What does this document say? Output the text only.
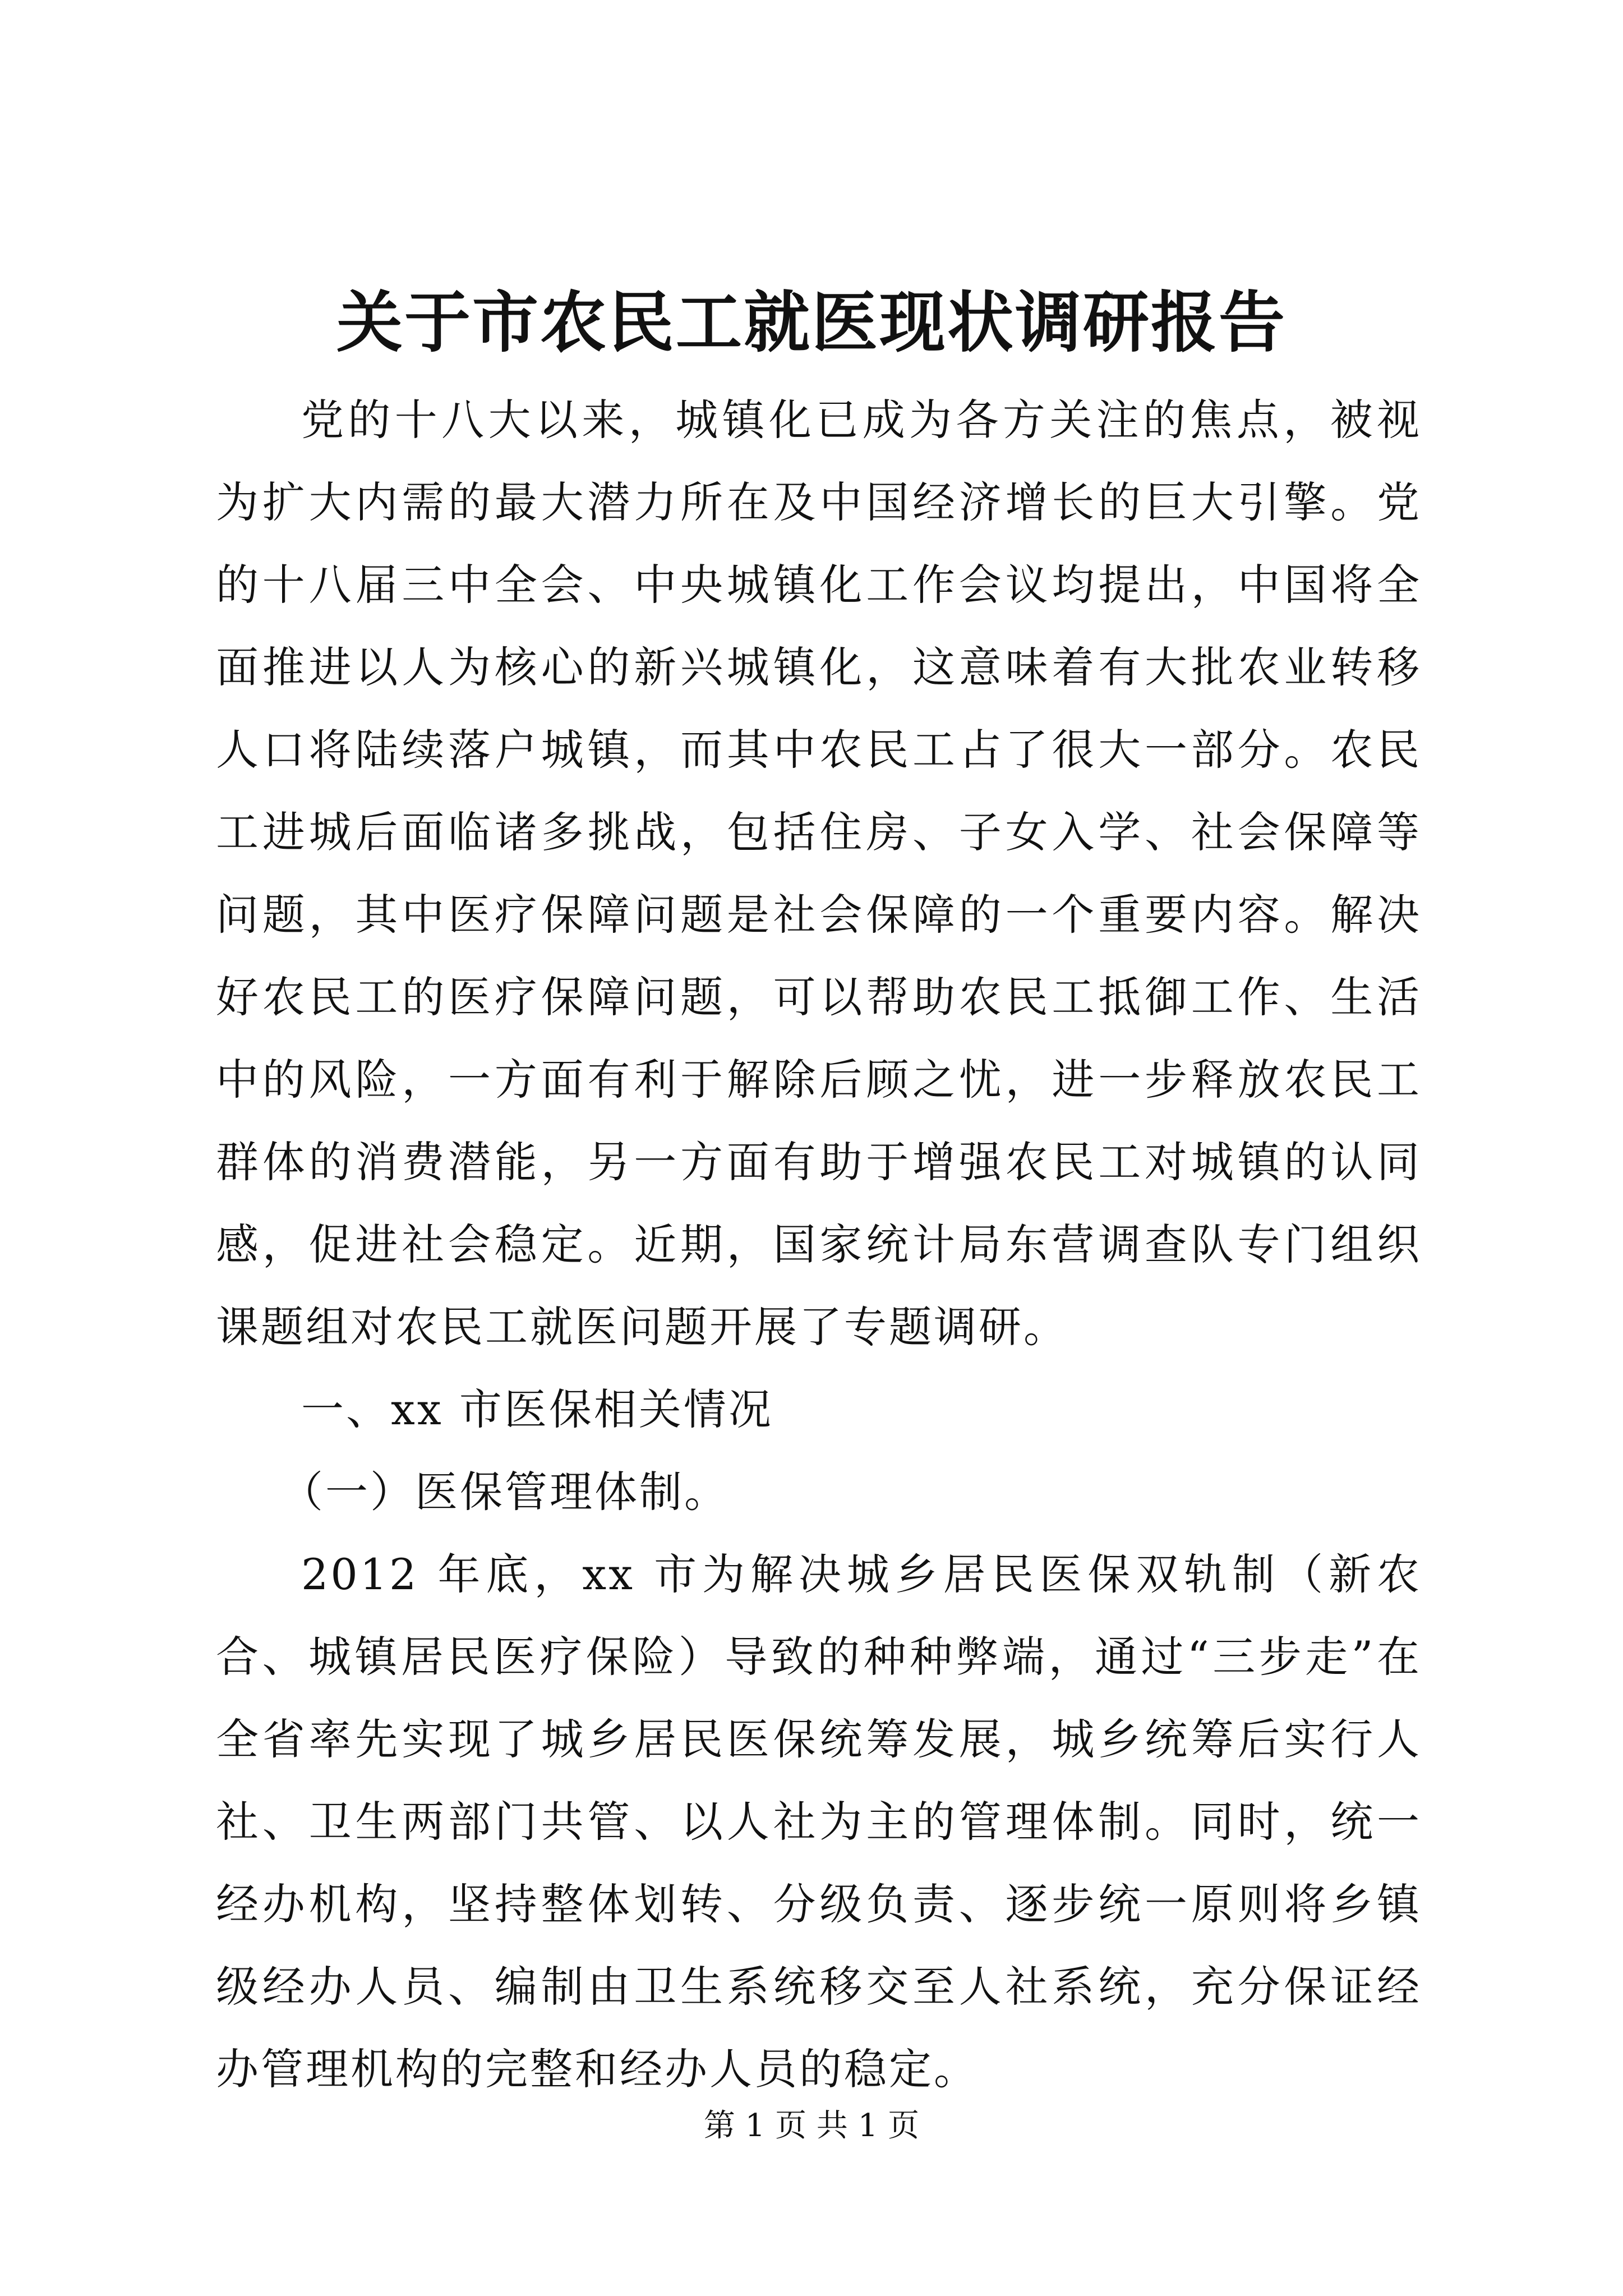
关于市农民工就医现状调研报告

党的十八大以来，城镇化已成为各方关注的焦点，被视为扩大内需的最大潜力所在及中国经济增长的巨大引擎。党的十八届三中全会、中央城镇化工作会议均提出，中国将全面推进以人为核心的新兴城镇化，这意味着有大批农业转移人口将陆续落户城镇，而其中农民工占了很大一部分。农民工进城后面临诸多挑战，包括住房、子女入学、社会保障等问题，其中医疗保障问题是社会保障的一个重要内容。解决好农民工的医疗保障问题，可以帮助农民工抵御工作、生活中的风险，一方面有利于解除后顾之忧，进一步释放农民工群体的消费潜能，另一方面有助于增强农民工对城镇的认同感，促进社会稳定。近期，国家统计局东营调查队专门组织课题组对农民工就医问题开展了专题调研。

一、xx 市医保相关情况

（一）医保管理体制。

2012 年底，xx 市为解决城乡居民医保双轨制（新农合、城镇居民医疗保险）导致的种种弊端，通过“三步走”在全省率先实现了城乡居民医保统筹发展，城乡统筹后实行人社、卫生两部门共管、以人社为主的管理体制。同时，统一经办机构，坚持整体划转、分级负责、逐步统一原则将乡镇级经办人员、编制由卫生系统移交至人社系统，充分保证经办管理机构的完整和经办人员的稳定。

第 1 页 共 1 页
